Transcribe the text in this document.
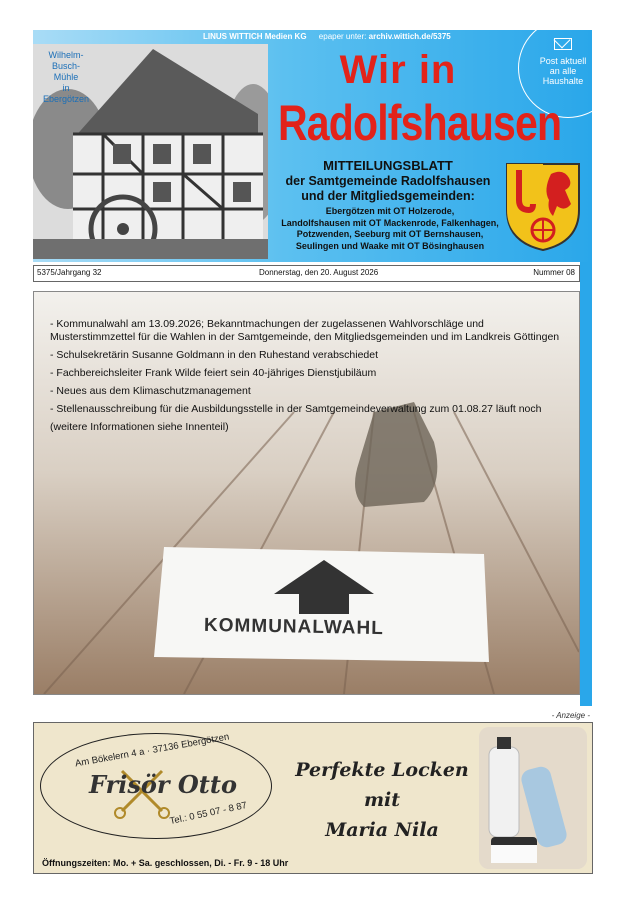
LINUS WITTICH Medien KG epaper unter: archiv.wittich.de/5375
Wilhelm-
Busch-
Mühle
in
Ebergötzen
Post aktuell
an alle
Haushalte
Wir in
Radolfshausen
MITTEILUNGSBLATT
der Samtgemeinde Radolfshausen
und der Mitgliedsgemeinden:
Ebergötzen mit OT Holzerode,
Landolfshausen mit OT Mackenrode, Falkenhagen,
Potzwenden, Seeburg mit OT Bernshausen,
Seulingen und Waake mit OT Bösinghausen
5375/Jahrgang 32	Donnerstag, den 20. August 2026	Nummer 08
- Kommunalwahl am 13.09.2026; Bekanntmachungen der zugelassenen Wahlvorschläge und Musterstimmzettel für die Wahlen in der Samtgemeinde, den Mitgliedsgemeinden und im Landkreis Göttingen
- Schulsekretärin Susanne Goldmann in den Ruhestand verabschiedet
- Fachbereichsleiter Frank Wilde feiert sein 40-jähriges Dienstjubiläum
- Neues aus dem Klimaschutzmanagement
- Stellenausschreibung für die Ausbildungsstelle in der Samtgemeindeverwaltung zum 01.08.27 läuft noch
(weitere Informationen siehe Innenteil)
KOMMUNALWAHL
- Anzeige -
Am Bökelern 4 a · 37136 Ebergötzen
Frisör Otto
Tel.: 0 55 07 - 8 87
Öffnungszeiten: Mo. + Sa. geschlossen, Di. - Fr. 9 - 18 Uhr
Perfekte Locken
mit
Maria Nila
